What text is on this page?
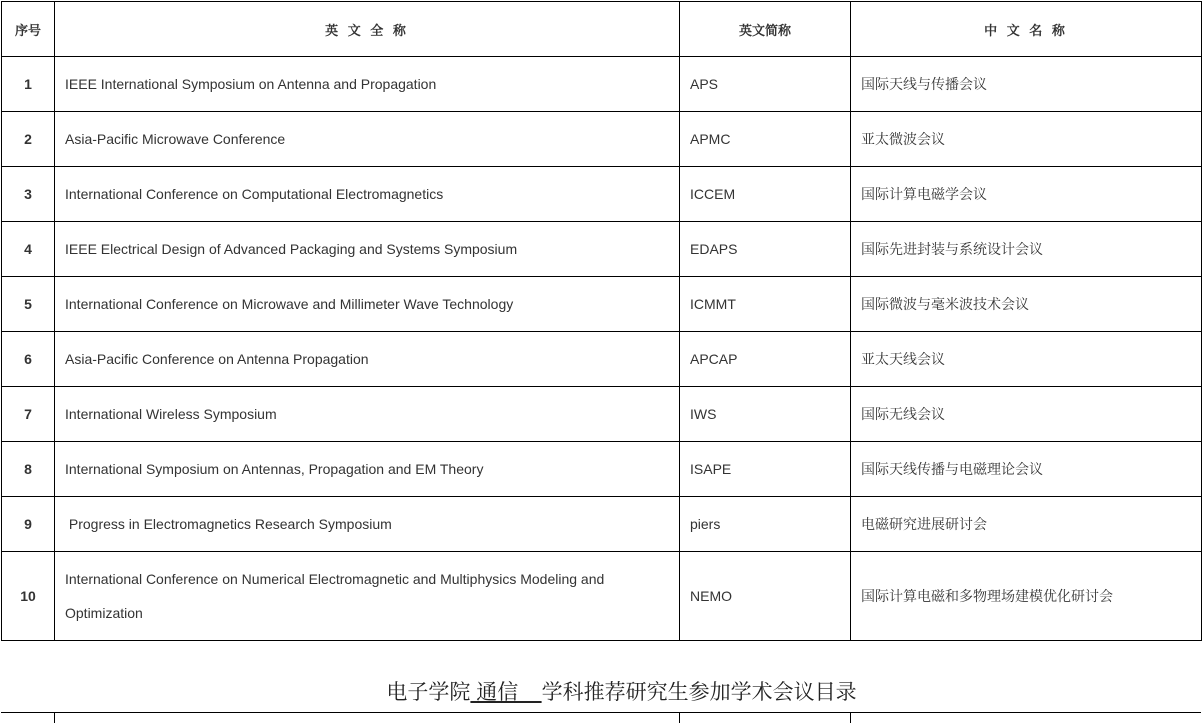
序号	英 文 全 称	英文简称	中 文 名 称
1	IEEE International Symposium on Antenna and Propagation	APS	国际天线与传播会议
2	Asia-Pacific Microwave Conference	APMC	亚太微波会议
3	International Conference on Computational Electromagnetics	ICCEM	国际计算电磁学会议
4	IEEE Electrical Design of Advanced Packaging and Systems Symposium	EDAPS	国际先进封装与系统设计会议
5	International Conference on Microwave and Millimeter Wave Technology	ICMMT	国际微波与毫米波技术会议
6	Asia-Pacific Conference on Antenna Propagation	APCAP	亚太天线会议
7	International Wireless Symposium	IWS	国际无线会议
8	International Symposium on Antennas, Propagation and EM Theory	ISAPE	国际天线传播与电磁理论会议
9	Progress in Electromagnetics Research Symposium	piers	电磁研究进展研讨会
10	International Conference on Numerical Electromagnetic and Multiphysics Modeling and Optimization	NEMO	国际计算电磁和多物理场建模优化研讨会
电子学院 通信    学科推荐研究生参加学术会议目录
